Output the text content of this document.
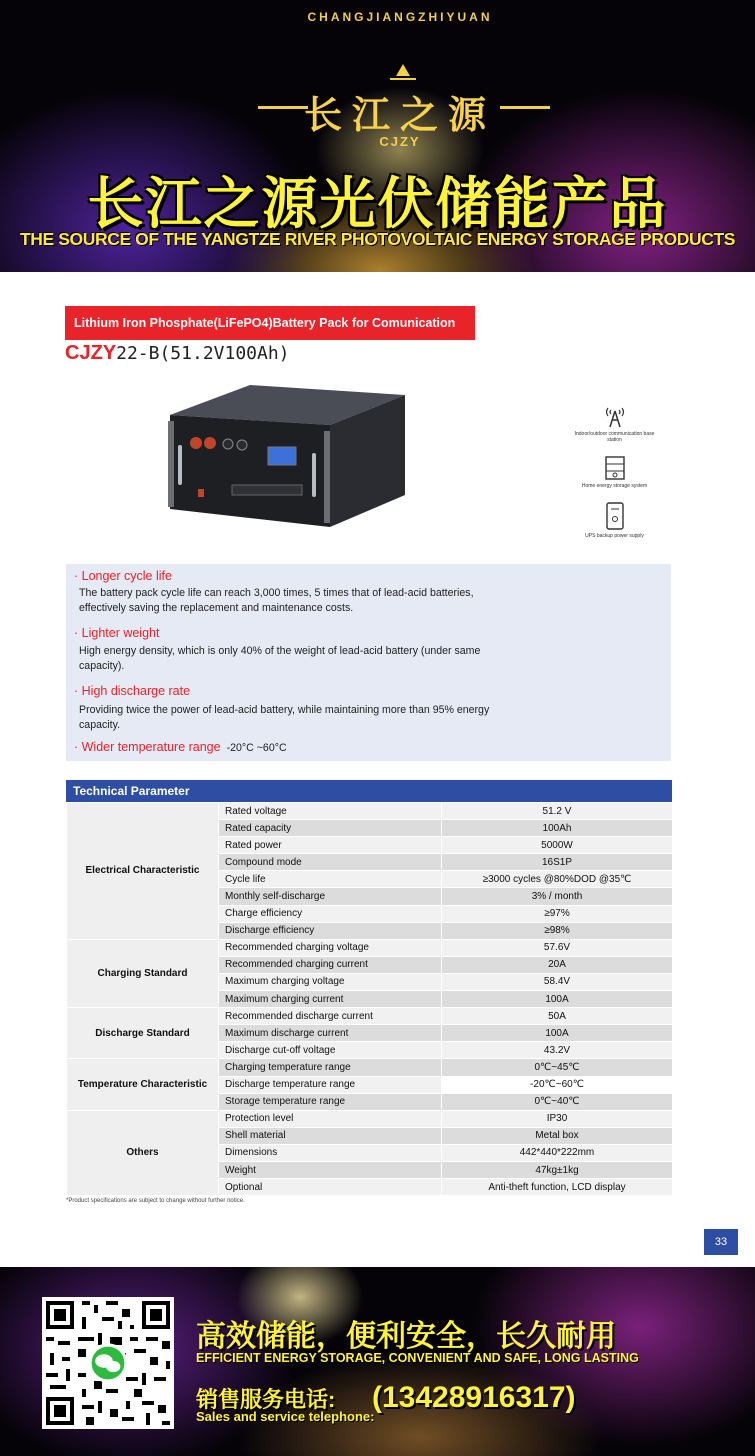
CHANGJIANGZHIYUAN
长江之源
CJZY
长江之源光伏储能产品
THE SOURCE OF THE YANGTZE RIVER PHOTOVOLTAIC ENERGY STORAGE PRODUCTS
Lithium Iron Phosphate(LiFePO4)Battery Pack for Comunication
CJZY22-B(51.2V100Ah)
Indoor/outdoor communication base station
Home energy storage system
UPS backup power supply
· Longer cycle life
The battery pack cycle life can reach 3,000 times, 5 times that of lead-acid batteries, effectively saving the replacement and maintenance costs.
· Lighter weight
High energy density, which is only 40% of the weight of lead-acid battery (under same capacity).
· High discharge rate
Providing twice the power of lead-acid battery, while maintaining more than 95% energy capacity.
· Wider temperature range -20°C ~60°C
Technical Parameter
Electrical Characteristic	Rated voltage	51.2 V
	Rated capacity	100Ah
	Rated power	5000W
	Compound mode	16S1P
	Cycle life	≥3000 cycles @80%DOD @35℃
	Monthly self-discharge	3% / month
	Charge efficiency	≥97%
	Discharge efficiency	≥98%
Charging Standard	Recommended charging voltage	57.6V
	Recommended charging current	20A
	Maximum charging voltage	58.4V
	Maximum charging current	100A
Discharge Standard	Recommended discharge current	50A
	Maximum discharge current	100A
	Discharge cut-off voltage	43.2V
Temperature Characteristic	Charging temperature range	0℃~45℃
	Discharge temperature range	-20℃~60℃
	Storage temperature range	0℃~40℃
Others	Protection level	IP30
	Shell material	Metal box
	Dimensions	442*440*222mm
	Weight	47kg±1kg
	Optional	Anti-theft function, LCD display
*Product specifications are subject to change without further notice.
33
高效储能，便利安全，长久耐用
EFFICIENT ENERGY STORAGE, CONVENIENT AND SAFE, LONG LASTING
销售服务电话:
Sales and service telephone:
(13428916317)
